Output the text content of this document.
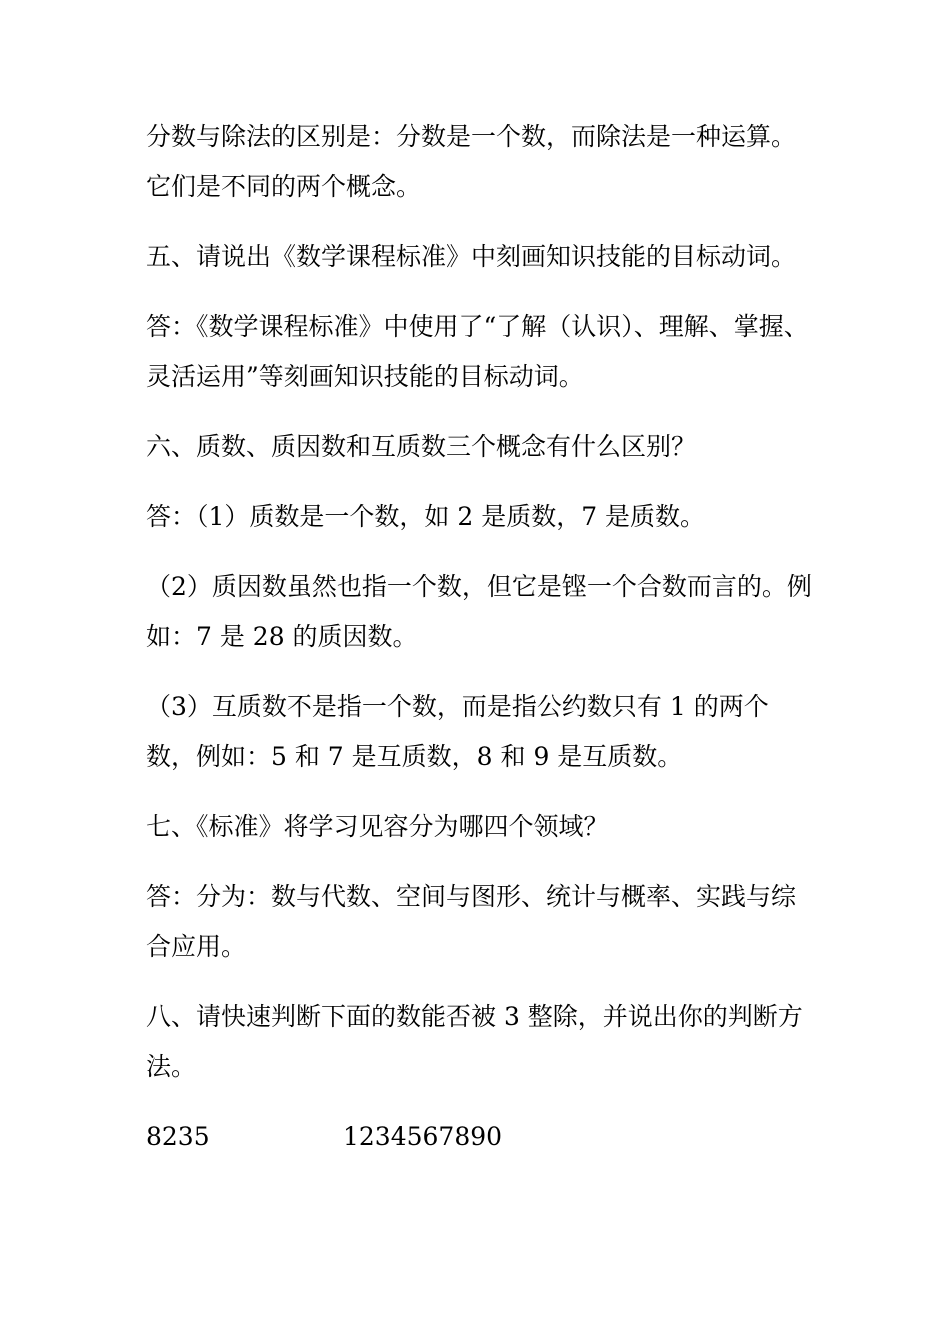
分数与除法的区别是：分数是一个数，而除法是一种运算。它们是不同的两个概念。

五、请说出《数学课程标准》中刻画知识技能的目标动词。

答：《数学课程标准》中使用了“了解（认识）、理解、掌握、灵活运用”等刻画知识技能的目标动词。

六、质数、质因数和互质数三个概念有什么区别？

答：（1）质数是一个数，如 2 是质数，7 是质数。

（2）质因数虽然也指一个数，但它是铿一个合数而言的。例如：7 是 28 的质因数。

（3）互质数不是指一个数，而是指公约数只有 1 的两个数，例如：5 和 7 是互质数，8 和 9 是互质数。

七、《标准》将学习见容分为哪四个领域？

答：分为：数与代数、空间与图形、统计与概率、实践与综合应用。

八、请快速判断下面的数能否被 3 整除，并说出你的判断方法。

8235	1234567890
